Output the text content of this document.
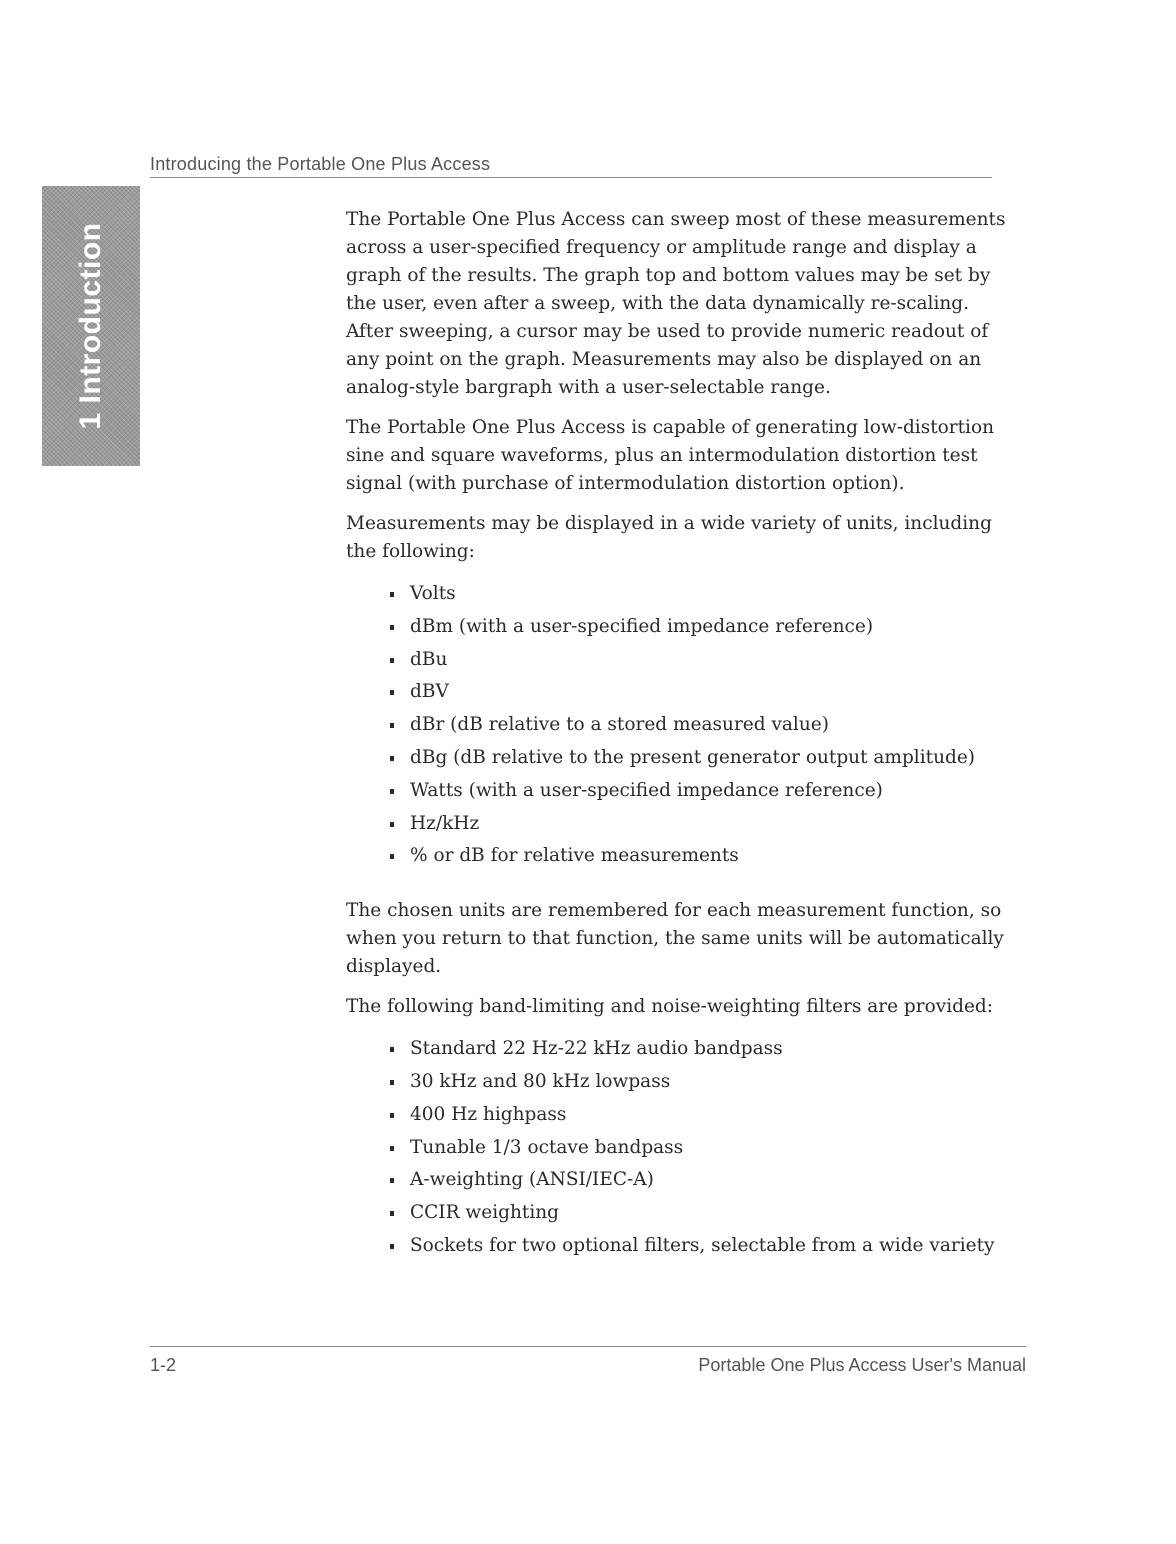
Introducing the Portable One Plus Access
1 Introduction

The Portable One Plus Access can sweep most of these measurements across a user-specified frequency or amplitude range and display a graph of the results. The graph top and bottom values may be set by the user, even after a sweep, with the data dynamically re-scaling. After sweeping, a cursor may be used to provide numeric readout of any point on the graph. Measurements may also be displayed on an analog-style bargraph with a user-selectable range.

The Portable One Plus Access is capable of generating low-distortion sine and square waveforms, plus an intermodulation distortion test signal (with purchase of intermodulation distortion option).

Measurements may be displayed in a wide variety of units, including the following:

Volts
dBm (with a user-specified impedance reference)
dBu
dBV
dBr (dB relative to a stored measured value)
dBg (dB relative to the present generator output amplitude)
Watts (with a user-specified impedance reference)
Hz/kHz
% or dB for relative measurements

The chosen units are remembered for each measurement function, so when you return to that function, the same units will be automatically displayed.

The following band-limiting and noise-weighting filters are provided:

Standard 22 Hz-22 kHz audio bandpass
30 kHz and 80 kHz lowpass
400 Hz highpass
Tunable 1/3 octave bandpass
A-weighting (ANSI/IEC-A)
CCIR weighting
Sockets for two optional filters, selectable from a wide variety
1-2	Portable One Plus Access User's Manual
